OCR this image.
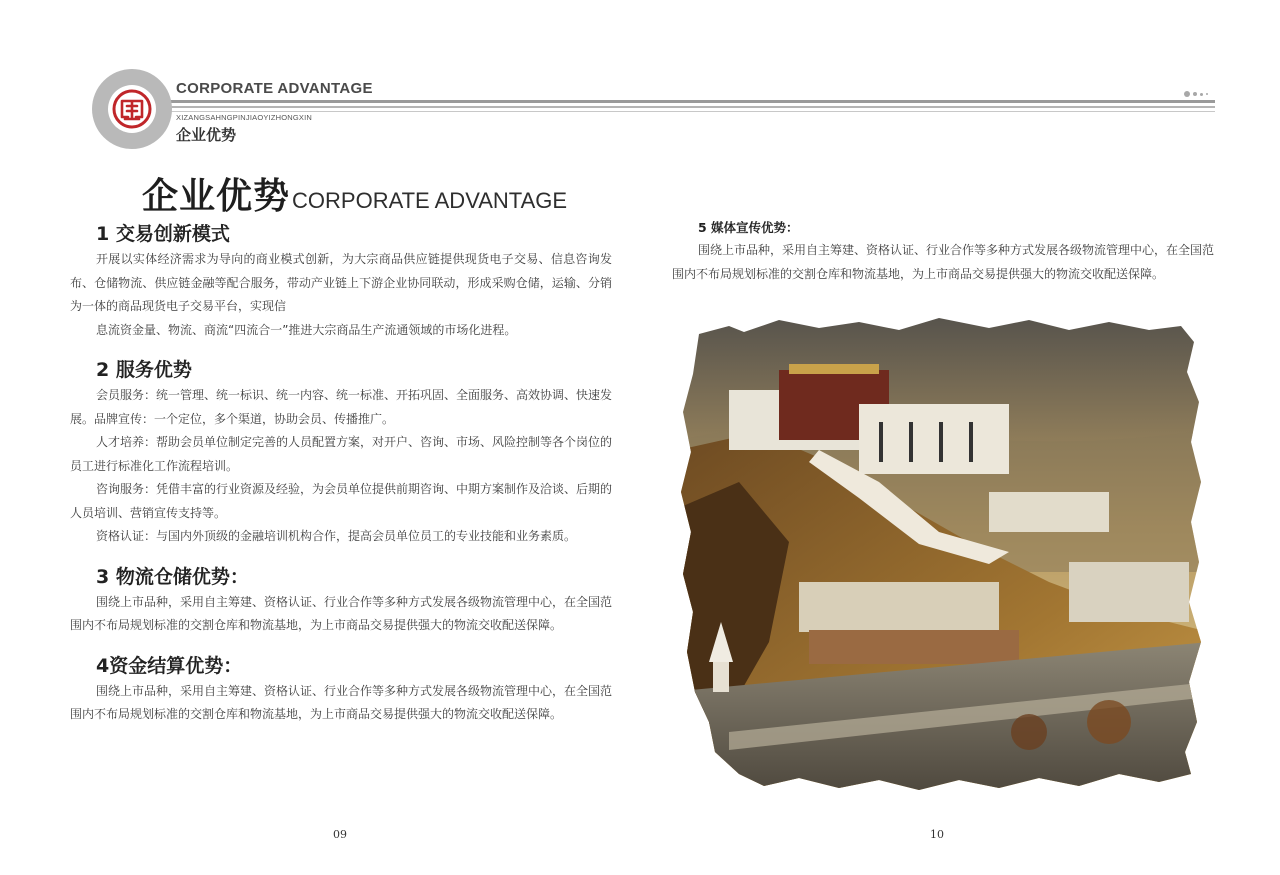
CORPORATE ADVANTAGE
XIZANGSAHNGPINJIAOYIZHONGXIN
企业优势
企业优势CORPORATE ADVANTAGE
1 交易创新模式

开展以实体经济需求为导向的商业模式创新，为大宗商品供应链提供现货电子交易、信息咨询发布、仓储物流、供应链金融等配合服务，带动产业链上下游企业协同联动，形成采购仓储，运输、分销为一体的商品现货电子交易平台，实现信

息流资金量、物流、商流“四流合一”推进大宗商品生产流通领域的市场化进程。

2 服务优势

会员服务：统一管理、统一标识、统一内容、统一标准、开拓巩固、全面服务、高效协调、快速发展。品牌宣传：一个定位，多个渠道，协助会员、传播推广。

人才培养：帮助会员单位制定完善的人员配置方案，对开户、咨询、市场、风险控制等各个岗位的员工进行标准化工作流程培训。

咨询服务：凭借丰富的行业资源及经验，为会员单位提供前期咨询、中期方案制作及洽谈、后期的人员培训、营销宣传支持等。

资格认证：与国内外顶级的金融培训机构合作，提高会员单位员工的专业技能和业务素质。

3 物流仓储优势：

围绕上市品种，采用自主筹建、资格认证、行业合作等多种方式发展各级物流管理中心，在全国范围内不布局规划标准的交割仓库和物流基地，为上市商品交易提供强大的物流交收配送保障。

4资金结算优势：

围绕上市品种，采用自主筹建、资格认证、行业合作等多种方式发展各级物流管理中心，在全国范围内不布局规划标准的交割仓库和物流基地，为上市商品交易提供强大的物流交收配送保障。

5 媒体宣传优势：

围绕上市品种，采用自主筹建、资格认证、行业合作等多种方式发展各级物流管理中心，在全国范围内不布局规划标准的交割仓库和物流基地，为上市商品交易提供强大的物流交收配送保障。

09	10
